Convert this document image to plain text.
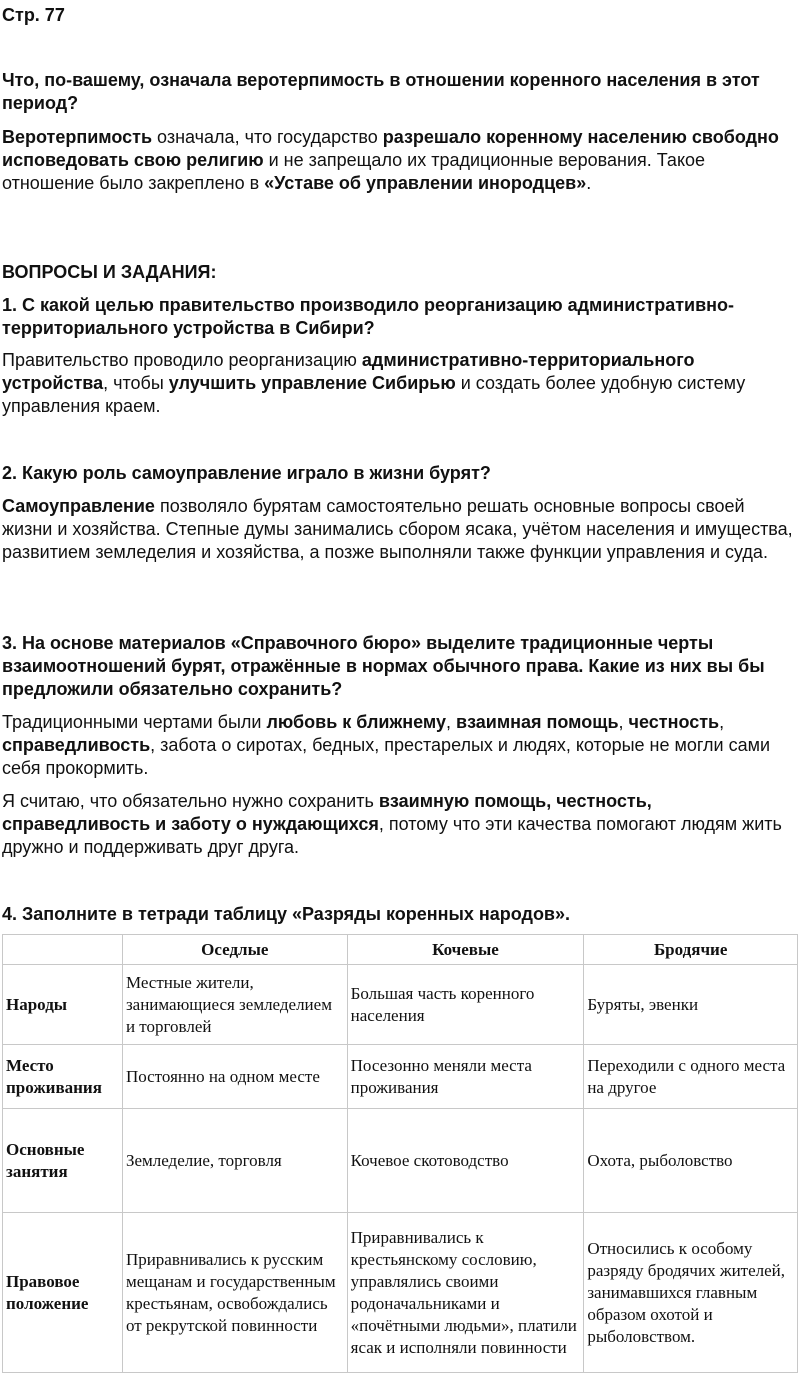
Стр. 77
Что, по-вашему, означала веротерпимость в отношении коренного населения в этот период?
Веротерпимость означала, что государство разрешало коренному населению свободно исповедовать свою религию и не запрещало их традиционные верования. Такое отношение было закреплено в «Уставе об управлении инородцев».
ВОПРОСЫ И ЗАДАНИЯ:
1. С какой целью правительство производило реорганизацию административно-территориального устройства в Сибири?
Правительство проводило реорганизацию административно-территориального устройства, чтобы улучшить управление Сибирью и создать более удобную систему управления краем.
2. Какую роль самоуправление играло в жизни бурят?
Самоуправление позволяло бурятам самостоятельно решать основные вопросы своей жизни и хозяйства. Степные думы занимались сбором ясака, учётом населения и имущества, развитием земледелия и хозяйства, а позже выполняли также функции управления и суда.
3. На основе материалов «Справочного бюро» выделите традиционные черты взаимоотношений бурят, отражённые в нормах обычного права. Какие из них вы бы предложили обязательно сохранить?
Традиционными чертами были любовь к ближнему, взаимная помощь, честность, справедливость, забота о сиротах, бедных, престарелых и людях, которые не могли сами себя прокормить.
Я считаю, что обязательно нужно сохранить взаимную помощь, честность, справедливость и заботу о нуждающихся, потому что эти качества помогают людям жить дружно и поддерживать друг друга.
4. Заполните в тетради таблицу «Разряды коренных народов».
	Оседлые	Кочевые	Бродячие
Народы	Местные жители, занимающиеся земледелием и торговлей	Большая часть коренного населения	Буряты, эвенки
Место проживания	Постоянно на одном месте	Посезонно меняли места проживания	Переходили с одного места на другое
Основные занятия	Земледелие, торговля	Кочевое скотоводство	Охота, рыболовство
Правовое положение	Приравнивались к русским мещанам и государственным крестьянам, освобождались от рекрутской повинности	Приравнивались к крестьянскому сословию, управлялись своими родоначальниками и «почётными людьми», платили ясак и исполняли повинности	Относились к особому разряду бродячих жителей, занимавшихся главным образом охотой и рыболовством.
